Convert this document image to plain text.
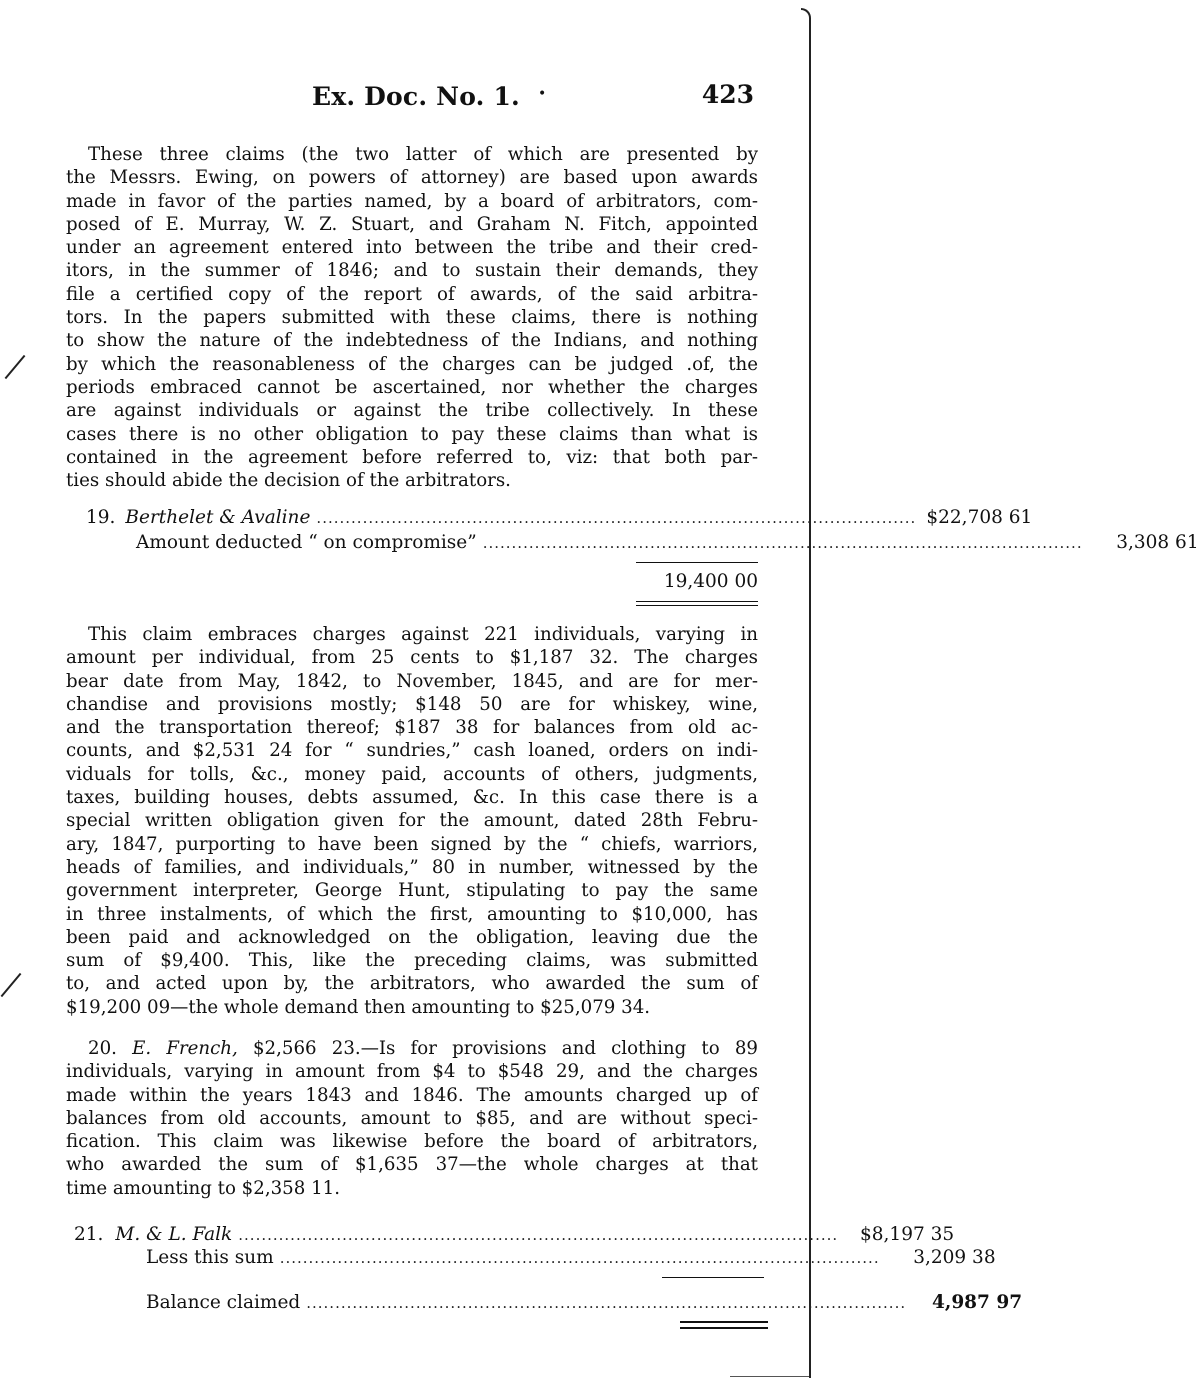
Ex. Doc. No. 1. •	423
These three claims (the two latter of which are presented by
the Messrs. Ewing, on powers of attorney) are based upon awards
made in favor of the parties named, by a board of arbitrators, com-
posed of E. Murray, W. Z. Stuart, and Graham N. Fitch, appointed
under an agreement entered into between the tribe and their cred-
itors, in the summer of 1846; and to sustain their demands, they
file a certified copy of the report of awards, of the said arbitra-
tors. In the papers submitted with these claims, there is nothing
to show the nature of the indebtedness of the Indians, and nothing
by which the reasonableness of the charges can be judged .of, the
periods embraced cannot be ascertained, nor whether the charges
are against individuals or against the tribe collectively. In these
cases there is no other obligation to pay these claims than what is
contained in the agreement before referred to, viz: that both par-
ties should abide the decision of the arbitrators.
19. Berthelet & Avaline ........................................................................................................ $22,708 61
Amount deducted “ on compromise” ........................................................................................................	3,308 61
19,400 00
This claim embraces charges against 221 individuals, varying in
amount per individual, from 25 cents to $1,187 32. The charges
bear date from May, 1842, to November, 1845, and are for mer-
chandise and provisions mostly; $148 50 are for whiskey, wine,
and the transportation thereof; $187 38 for balances from old ac-
counts, and $2,531 24 for “ sundries,” cash loaned, orders on indi-
viduals for tolls, &c., money paid, accounts of others, judgments,
taxes, building houses, debts assumed, &c. In this case there is a
special written obligation given for the amount, dated 28th Febru-
ary, 1847, purporting to have been signed by the “ chiefs, warriors,
heads of families, and individuals,” 80 in number, witnessed by the
government interpreter, George Hunt, stipulating to pay the same
in three instalments, of which the first, amounting to $10,000, has
been paid and acknowledged on the obligation, leaving due the
sum of $9,400. This, like the preceding claims, was submitted
to, and acted upon by, the arbitrators, who awarded the sum of
$19,200 09—the whole demand then amounting to $25,079 34.
20. E. French, $2,566 23.—Is for provisions and clothing to 89
individuals, varying in amount from $4 to $548 29, and the charges
made within the years 1843 and 1846. The amounts charged up of
balances from old accounts, amount to $85, and are without speci-
fication. This claim was likewise before the board of arbitrators,
who awarded the sum of $1,635 37—the whole charges at that
time amounting to $2,358 11.
21. M. & L. Falk ........................................................................................................	$8,197 35
Less this sum ........................................................................................................	3,209 38
Balance claimed ........................................................................................................	4,987 97
